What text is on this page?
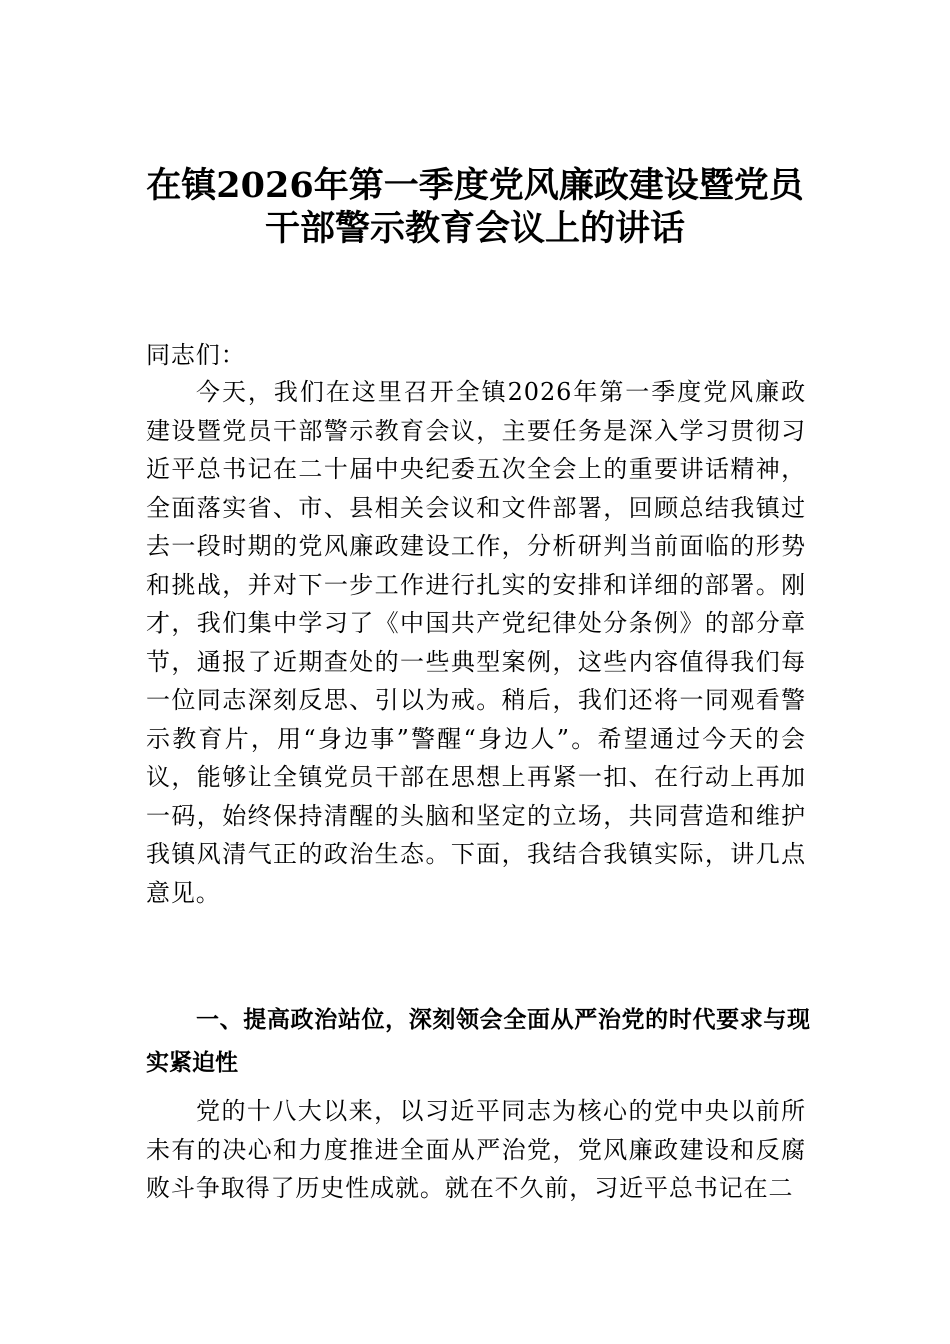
在镇2026年第一季度党风廉政建设暨党员
干部警示教育会议上的讲话

同志们：

今天，我们在这里召开全镇2026年第一季度党风廉政建设暨党员干部警示教育会议，主要任务是深入学习贯彻习近平总书记在二十届中央纪委五次全会上的重要讲话精神，全面落实省、市、县相关会议和文件部署，回顾总结我镇过去一段时期的党风廉政建设工作，分析研判当前面临的形势和挑战，并对下一步工作进行扎实的安排和详细的部署。刚才，我们集中学习了《中国共产党纪律处分条例》的部分章节，通报了近期查处的一些典型案例，这些内容值得我们每一位同志深刻反思、引以为戒。稍后，我们还将一同观看警示教育片，用“身边事”警醒“身边人”。希望通过今天的会议，能够让全镇党员干部在思想上再紧一扣、在行动上再加一码，始终保持清醒的头脑和坚定的立场，共同营造和维护我镇风清气正的政治生态。下面，我结合我镇实际，讲几点意见。

一、提高政治站位，深刻领会全面从严治党的时代要求与现实紧迫性

党的十八大以来，以习近平同志为核心的党中央以前所未有的决心和力度推进全面从严治党，党风廉政建设和反腐败斗争取得了历史性成就。就在不久前，习近平总书记在二
